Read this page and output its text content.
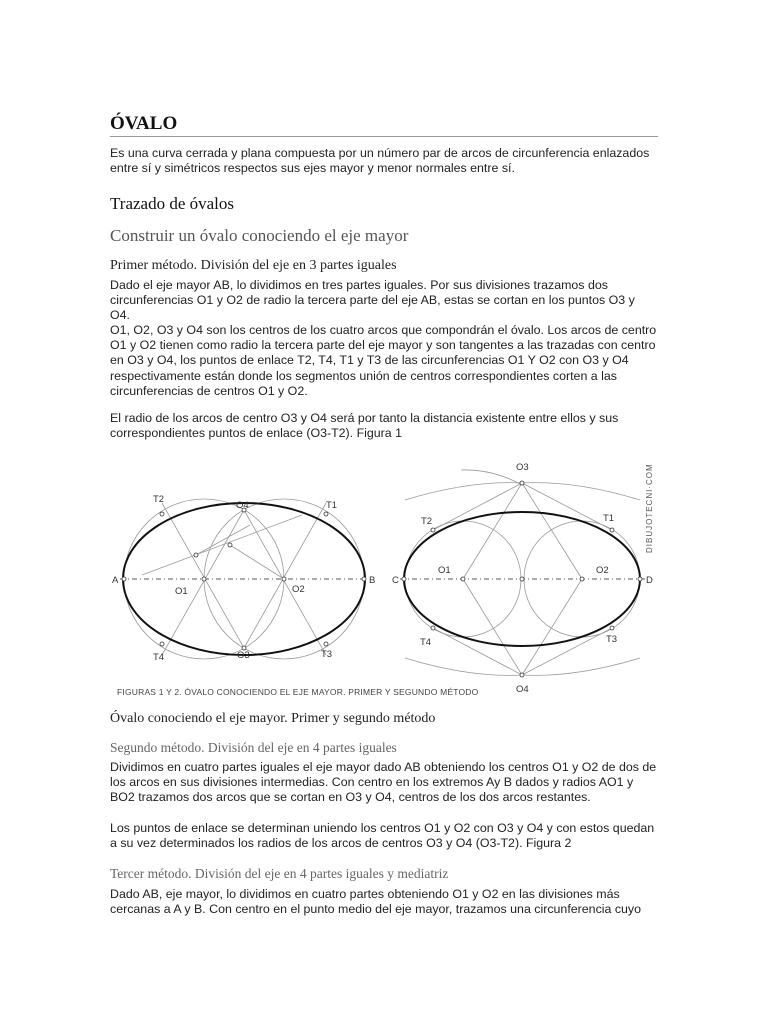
ÓVALO

Es una curva cerrada y plana compuesta por un número par de arcos de circunferencia enlazados entre sí y simétricos respectos sus ejes mayor y menor normales entre sí.

Trazado de óvalos
Construir un óvalo conociendo el eje mayor
Primer método. División del eje en 3 partes iguales

Dado el eje mayor AB, lo dividimos en tres partes iguales. Por sus divisiones trazamos dos circunferencias O1 y O2 de radio la tercera parte del eje AB, estas se cortan en los puntos O3 y O4.

O1, O2, O3 y O4 son los centros de los cuatro arcos que compondrán el óvalo. Los arcos de centro O1 y O2 tienen como radio la tercera parte del eje mayor y son tangentes a las trazadas con centro en O3 y O4, los puntos de enlace T2, T4, T1 y T3 de las circunferencias O1 Y O2 con O3 y O4 respectivamente están donde los segmentos unión de centros correspondientes corten a las circunferencias de centros O1 y O2.

El radio de los arcos de centro O3 y O4 será por tanto la distancia existente entre ellos y sus correspondientes puntos de enlace (O3-T2). Figura 1

Óvalo conociendo el eje mayor. Primer y segundo método
Segundo método. División del eje en 4 partes iguales

Dividimos en cuatro partes iguales el eje mayor dado AB obteniendo los centros O1 y O2 de dos de los arcos en sus divisiones intermedias. Con centro en los extremos Ay B dados y radios AO1 y BO2 trazamos dos arcos que se cortan en O3 y O4, centros de los dos arcos restantes.

Los puntos de enlace se determinan uniendo los centros O1 y O2 con O3 y O4 y con estos quedan a su vez determinados los radios de los arcos de centros O3 y O4 (O3-T2). Figura 2

Tercer método. División del eje en 4 partes iguales y mediatriz

Dado AB, eje mayor, lo dividimos en cuatro partes obteniendo O1 y O2 en las divisiones más cercanas a A y B. Con centro en el punto medio del eje mayor, trazamos una circunferencia cuyo

A	B
O1	O2
O4
O3
T2
T1
T4	T3
C	D
O1	O2
O3
O4
T2	T1
T4	T3
DIBUJOTECNI·COM
FIGURAS 1 Y 2. ÓVALO CONOCIENDO EL EJE MAYOR. PRIMER Y SEGUNDO MÉTODO
